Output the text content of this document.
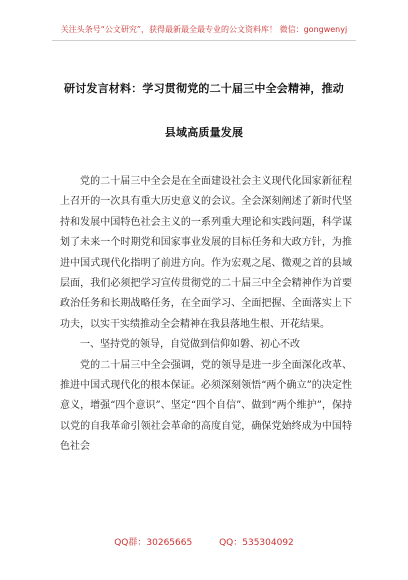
关注头条号“公文研究”，获得最新最全最专业的公文资料库！ 微信：gongwenyj
研讨发言材料：学习贯彻党的二十届三中全会精神，推动
县域高质量发展

党的二十届三中全会是在全面建设社会主义现代化国家新征程上召开的一次具有重大历史意义的会议。全会深刻阐述了新时代坚持和发展中国特色社会主义的一系列重大理论和实践问题，科学谋划了未来一个时期党和国家事业发展的目标任务和大政方针，为推进中国式现代化指明了前进方向。作为宏观之尾、微观之首的县域层面，我们必须把学习宣传贯彻党的二十届三中全会精神作为首要政治任务和长期战略任务，在全面学习、全面把握、全面落实上下功夫，以实干实绩推动全会精神在我县落地生根、开花结果。

一、坚持党的领导，自觉做到信仰如磐、初心不改

党的二十届三中全会强调，党的领导是进一步全面深化改革、推进中国式现代化的根本保证。必须深刻领悟“两个确立”的决定性意义，增强“四个意识”、坚定“四个自信”、做到“两个维护”，保持以党的自我革命引领社会革命的高度自觉，确保党始终成为中国特色社会

QQ群：30265665	QQ：535304092
